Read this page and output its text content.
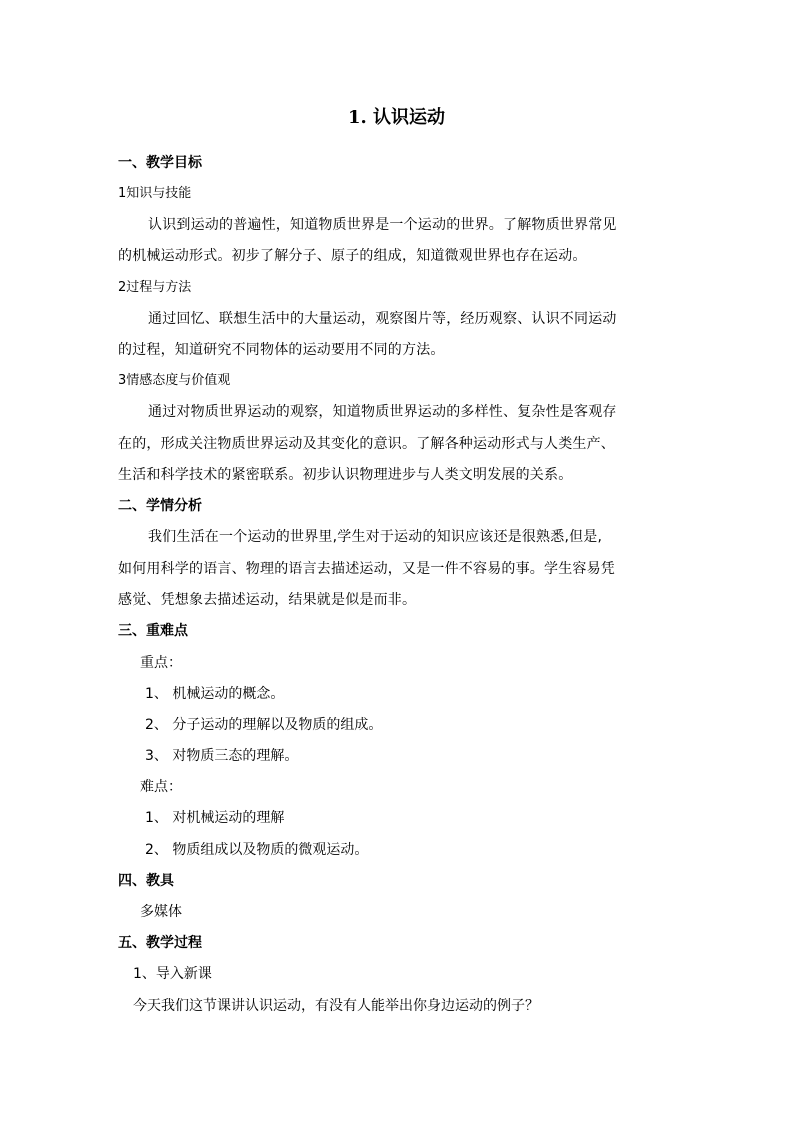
1. 认识运动
一、教学目标
1知识与技能
认识到运动的普遍性，知道物质世界是一个运动的世界。了解物质世界常见
的机械运动形式。初步了解分子、原子的组成，知道微观世界也存在运动。
2过程与方法
通过回忆、联想生活中的大量运动，观察图片等，经历观察、认识不同运动
的过程，知道研究不同物体的运动要用不同的方法。
3情感态度与价值观
通过对物质世界运动的观察，知道物质世界运动的多样性、复杂性是客观存
在的，形成关注物质世界运动及其变化的意识。了解各种运动形式与人类生产、
生活和科学技术的紧密联系。初步认识物理进步与人类文明发展的关系。
二、学情分析
我们生活在一个运动的世界里,学生对于运动的知识应该还是很熟悉,但是,
如何用科学的语言、物理的语言去描述运动，又是一件不容易的事。学生容易凭
感觉、凭想象去描述运动，结果就是似是而非。
三、重难点
重点：
1、 机械运动的概念。
2、 分子运动的理解以及物质的组成。
3、 对物质三态的理解。
难点：
1、 对机械运动的理解
2、 物质组成以及物质的微观运动。
四、教具
多媒体
五、教学过程
1、导入新课
今天我们这节课讲认识运动，有没有人能举出你身边运动的例子？
